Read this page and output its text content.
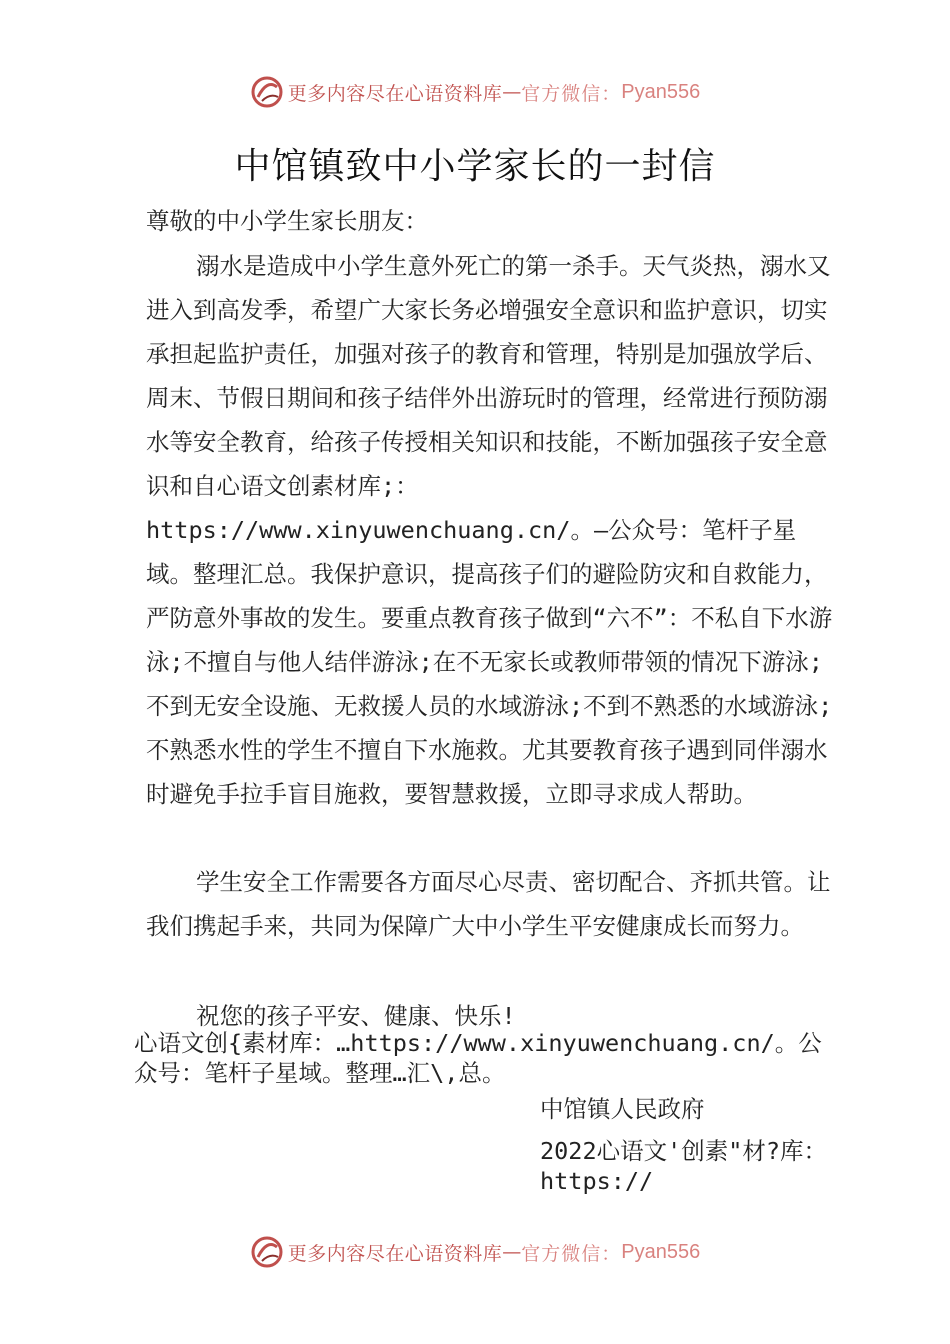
更多内容尽在心语资料库 — 官方微信： Pyan556
中馆镇致中小学家长的一封信
尊敬的中小学生家长朋友：

溺水是造成中小学生意外死亡的第一杀手。天气炎热，溺水又进入到高发季，希望广大家长务必增强安全意识和监护意识，切实承担起监护责任，加强对孩子的教育和管理，特别是加强放学后、周末、节假日期间和孩子结伴外出游玩时的管理，经常进行预防溺水等安全教育，给孩子传授相关知识和技能，不断加强孩子安全意识和自心语文创素材库;：https://www.xinyuwenchuang.cn/。—公众号：笔杆子星域。整理汇总。我保护意识，提高孩子们的避险防灾和自救能力，严防意外事故的发生。要重点教育孩子做到“六不”：不私自下水游泳;不擅自与他人结伴游泳;在不无家长或教师带领的情况下游泳;不到无安全设施、无救援人员的水域游泳;不到不熟悉的水域游泳;不熟悉水性的学生不擅自下水施救。尤其要教育孩子遇到同伴溺水时避免手拉手盲目施救，要智慧救援，立即寻求成人帮助。

学生安全工作需要各方面尽心尽责、密切配合、齐抓共管。让我们携起手来，共同为保障广大中小学生平安健康成长而努力。

祝您的孩子平安、健康、快乐!

心语文创{素材库：…https://www.xinyuwenchuang.cn/。公众号：笔杆子星域。整理…汇\,总。
中馆镇人民政府
2022心语文'创素"材?库：https://
更多内容尽在心语资料库 — 官方微信： Pyan556
